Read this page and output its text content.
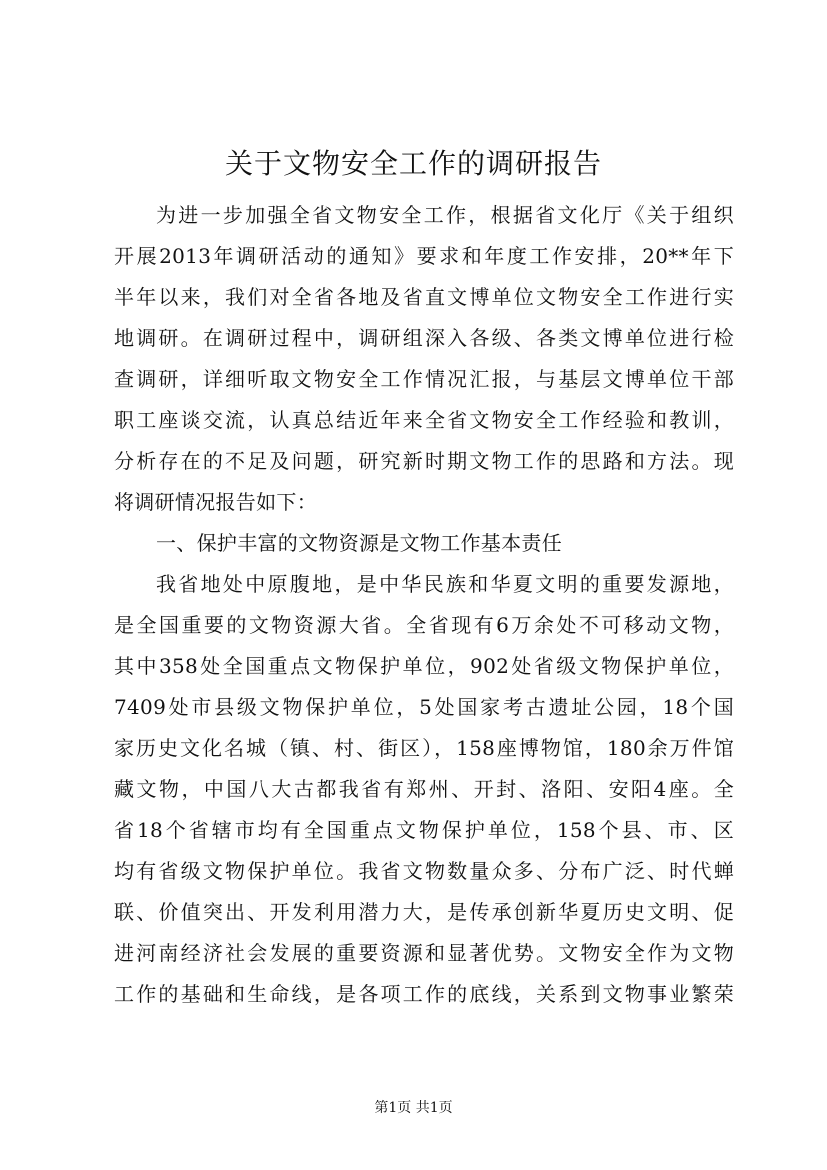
关于文物安全工作的调研报告
为进一步加强全省文物安全工作，根据省文化厅《关于组织
开展2013年调研活动的通知》要求和年度工作安排，20**年下
半年以来，我们对全省各地及省直文博单位文物安全工作进行实
地调研。在调研过程中，调研组深入各级、各类文博单位进行检
查调研，详细听取文物安全工作情况汇报，与基层文博单位干部
职工座谈交流，认真总结近年来全省文物安全工作经验和教训，
分析存在的不足及问题，研究新时期文物工作的思路和方法。现
将调研情况报告如下：
一、保护丰富的文物资源是文物工作基本责任
我省地处中原腹地，是中华民族和华夏文明的重要发源地，
是全国重要的文物资源大省。全省现有6万余处不可移动文物，
其中358处全国重点文物保护单位，902处省级文物保护单位，
7409处市县级文物保护单位，5处国家考古遗址公园，18个国
家历史文化名城（镇、村、街区），158座博物馆，180余万件馆
藏文物，中国八大古都我省有郑州、开封、洛阳、安阳4座。全
省18个省辖市均有全国重点文物保护单位，158个县、市、区
均有省级文物保护单位。我省文物数量众多、分布广泛、时代蝉
联、价值突出、开发利用潜力大，是传承创新华夏历史文明、促
进河南经济社会发展的重要资源和显著优势。文物安全作为文物
工作的基础和生命线，是各项工作的底线，关系到文物事业繁荣
第1页 共1页
